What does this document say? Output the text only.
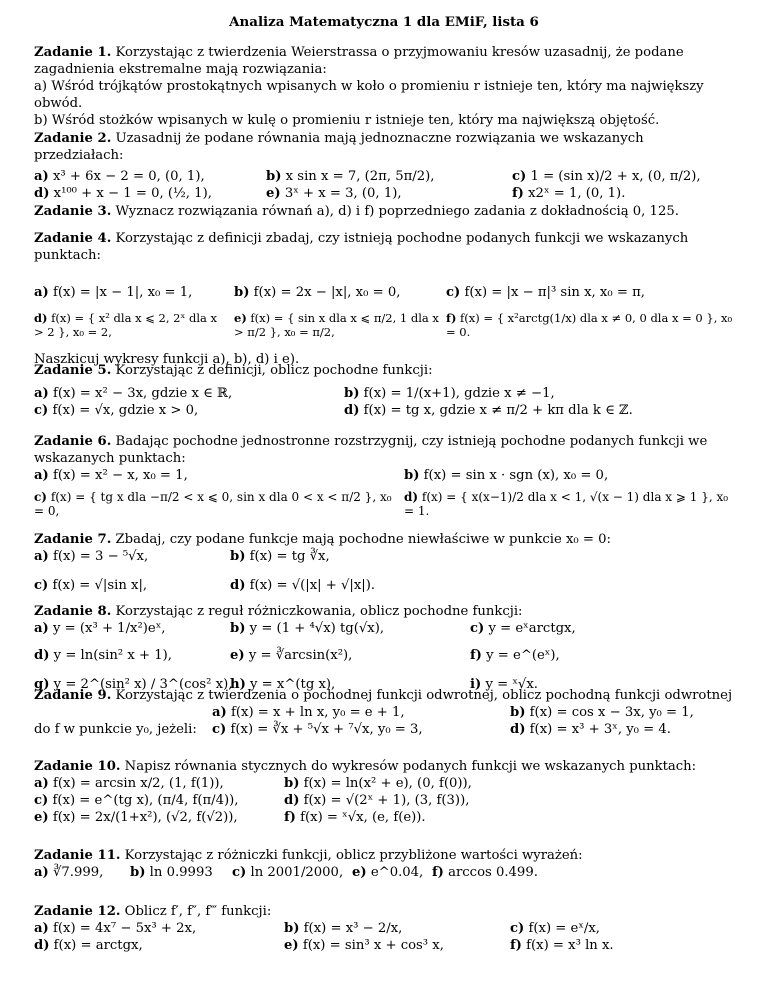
Analiza Matematyczna 1 dla EMiF, lista 6
Zadanie 1. Korzystając z twierdzenia Weierstrassa o przyjmowaniu kresów uzasadnij, że podane zagadnienia ekstremalne mają rozwiązania:
a) Wśród trójkątów prostokątnych wpisanych w koło o promieniu r istnieje ten, który ma największy obwód.
b) Wśród stożków wpisanych w kulę o promieniu r istnieje ten, który ma największą objętość.
Zadanie 2. Uzasadnij że podane równania mają jednoznaczne rozwiązania we wskazanych przedziałach:
a) x³ + 6x − 2 = 0, (0, 1),	b) x sin x = 7, (2π, 5π/2),	c) 1 = (sin x)/2 + x, (0, π/2),
d) x¹⁰⁰ + x − 1 = 0, (½, 1),	e) 3ˣ + x = 3, (0, 1),	f) x2ˣ = 1, (0, 1).
Zadanie 3. Wyznacz rozwiązania równań a), d) i f) poprzedniego zadania z dokładnością 0, 125.
Zadanie 4. Korzystając z definicji zbadaj, czy istnieją pochodne podanych funkcji we wskazanych punktach:
a) f(x) = |x − 1|, x₀ = 1,	b) f(x) = 2x − |x|, x₀ = 0,	c) f(x) = |x − π|³ sin x, x₀ = π,
d) f(x) = { x² dla x ⩽ 2, 2ˣ dla x > 2 }, x₀ = 2,
e) f(x) = { sin x dla x ⩽ π/2, 1 dla x > π/2 }, x₀ = π/2,
f) f(x) = { x²arctg(1/x) dla x ≠ 0, 0 dla x = 0 }, x₀ = 0.
Naszkicuj wykresy funkcji a), b), d) i e).
Zadanie 5. Korzystając z definicji, oblicz pochodne funkcji:
a) f(x) = x² − 3x, gdzie x ∈ ℝ,	b) f(x) = 1/(x+1), gdzie x ≠ −1,
c) f(x) = √x, gdzie x > 0,	d) f(x) = tg x, gdzie x ≠ π/2 + kπ dla k ∈ ℤ.
Zadanie 6. Badając pochodne jednostronne rozstrzygnij, czy istnieją pochodne podanych funkcji we wskazanych punktach:
a) f(x) = x² − x, x₀ = 1,	b) f(x) = sin x · sgn (x), x₀ = 0,
c) f(x) = { tg x dla −π/2 < x ⩽ 0, sin x dla 0 < x < π/2 }, x₀ = 0,
d) f(x) = { x(x−1)/2 dla x < 1, √(x − 1) dla x ⩾ 1 }, x₀ = 1.
Zadanie 7. Zbadaj, czy podane funkcje mają pochodne niewłaściwe w punkcie x₀ = 0:
a) f(x) = 3 − ⁵√x,	b) f(x) = tg ∛x,
c) f(x) = √|sin x|,	d) f(x) = √(|x| + √|x|).
Zadanie 8. Korzystając z reguł różniczkowania, oblicz pochodne funkcji:
a) y = (x³ + 1/x²)eˣ,	b) y = (1 + ⁴√x) tg(√x),	c) y = eˣarctgx,
d) y = ln(sin² x + 1),	e) y = ∛arcsin(x²),	f) y = e^(eˣ),
g) y = 2^(sin² x) / 3^(cos² x),
h) y = x^(tg x),	i) y = ˣ√x.
Zadanie 9. Korzystając z twierdzenia o pochodnej funkcji odwrotnej, oblicz pochodną funkcji odwrotnej
a) f(x) = x + ln x, y₀ = e + 1,	b) f(x) = cos x − 3x, y₀ = 1,
do f w punkcie y₀, jeżeli: c) f(x) = ∛x + ⁵√x + ⁷√x, y₀ = 3,	d) f(x) = x³ + 3ˣ, y₀ = 4.
Zadanie 10. Napisz równania stycznych do wykresów podanych funkcji we wskazanych punktach:
a) f(x) = arcsin x/2, (1, f(1)),	b) f(x) = ln(x² + e), (0, f(0)),
c) f(x) = e^(tg x), (π/4, f(π/4)),	d) f(x) = √(2ˣ + 1), (3, f(3)),
e) f(x) = 2x/(1+x²), (√2, f(√2)),	f) f(x) = ˣ√x, (e, f(e)).
Zadanie 11. Korzystając z różniczki funkcji, oblicz przybliżone wartości wyrażeń:
a) ∛7.999, b) ln 0.9993 c) ln 2001/2000, e) e^0.04, f) arccos 0.499.
Zadanie 12. Oblicz f′, f″, f‴ funkcji:
a) f(x) = 4x⁷ − 5x³ + 2x,	b) f(x) = x³ − 2/x,	c) f(x) = eˣ/x,
d) f(x) = arctgx,	e) f(x) = sin³ x + cos³ x,	f) f(x) = x³ ln x.
